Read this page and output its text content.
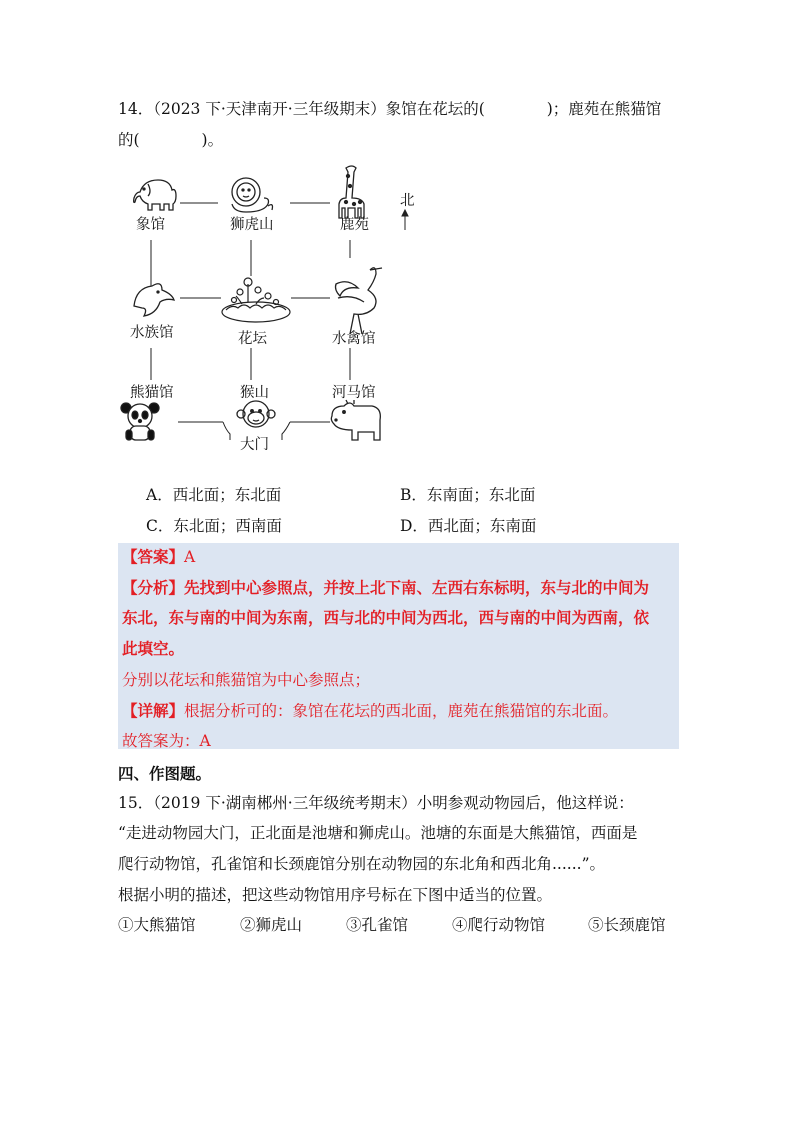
14．（2023 下·天津南开·三年级期末）象馆在花坛的(　　　　)；鹿苑在熊猫馆
的(　　　　)。
象馆	狮虎山	鹿苑
北
水族馆	花坛	水禽馆
熊猫馆	猴山	河马馆
大门
A．西北面；东北面	B．东南面；东北面
C．东北面；西南面	D．西北面；东南面
【答案】A
【分析】先找到中心参照点，并按上北下南、左西右东标明，东与北的中间为
东北，东与南的中间为东南，西与北的中间为西北，西与南的中间为西南，依
此填空。
分别以花坛和熊猫馆为中心参照点；
【详解】根据分析可的：象馆在花坛的西北面，鹿苑在熊猫馆的东北面。
故答案为：A
四、作图题。
15．（2019 下·湖南郴州·三年级统考期末）小明参观动物园后，他这样说：
“走进动物园大门，正北面是池塘和狮虎山。池塘的东面是大熊猫馆，西面是
爬行动物馆，孔雀馆和长颈鹿馆分别在动物园的东北角和西北角......”。
根据小明的描述，把这些动物馆用序号标在下图中适当的位置。
①大熊猫馆	②狮虎山	③孔雀馆	④爬行动物馆	⑤长颈鹿馆
